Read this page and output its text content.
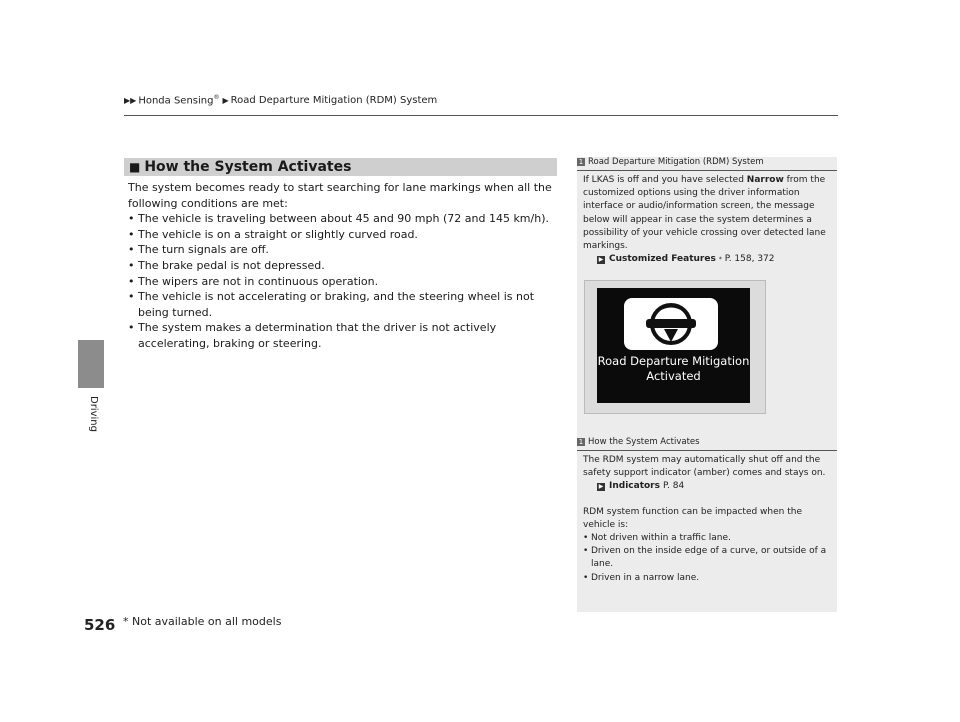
▶▶ Honda Sensing® ▶ Road Departure Mitigation (RDM) System
Driving
■ How the System Activates

The system becomes ready to start searching for lane markings when all the following conditions are met:

• The vehicle is traveling between about 45 and 90 mph (72 and 145 km/h).
• The vehicle is on a straight or slightly curved road.
• The turn signals are off.
• The brake pedal is not depressed.
• The wipers are not in continuous operation.
• The vehicle is not accelerating or braking, and the steering wheel is not being turned.
• The system makes a determination that the driver is not actively accelerating, braking or steering.
1 Road Departure Mitigation (RDM) System

If LKAS is off and you have selected Narrow from the customized options using the driver information interface or audio/information screen, the message below will appear in case the system determines a possibility of your vehicle crossing over detected lane markings.

▶ Customized Features *
P. 158, 372
Road Departure Mitigation
Activated
1 How the System Activates

The RDM system may automatically shut off and the safety support indicator (amber) comes and stays on.

▶ Indicators P. 84

RDM system function can be impacted when the vehicle is:

• Not driven within a traffic lane.
• Driven on the inside edge of a curve, or outside of a lane.
• Driven in a narrow lane.
526 * Not available on all models
